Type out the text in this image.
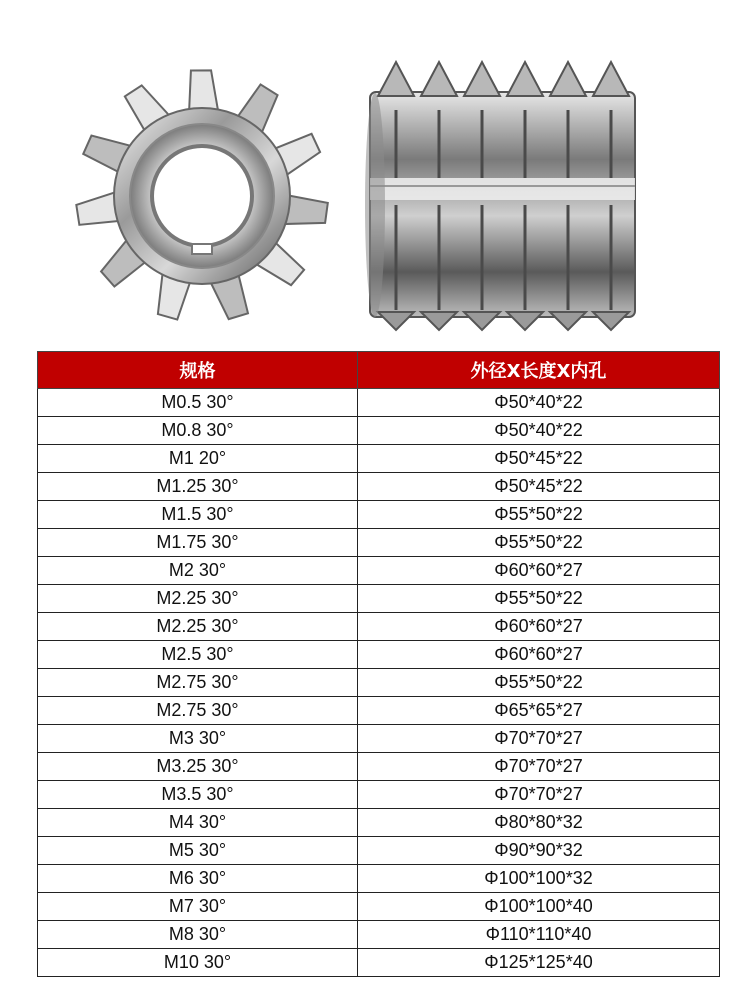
规格	外径X长度X内孔
M0.5 30°	Φ50*40*22
M0.8 30°	Φ50*40*22
M1 20°	Φ50*45*22
M1.25 30°	Φ50*45*22
M1.5 30°	Φ55*50*22
M1.75 30°	Φ55*50*22
M2 30°	Φ60*60*27
M2.25 30°	Φ55*50*22
M2.25 30°	Φ60*60*27
M2.5 30°	Φ60*60*27
M2.75 30°	Φ55*50*22
M2.75 30°	Φ65*65*27
M3 30°	Φ70*70*27
M3.25 30°	Φ70*70*27
M3.5 30°	Φ70*70*27
M4 30°	Φ80*80*32
M5 30°	Φ90*90*32
M6 30°	Φ100*100*32
M7 30°	Φ100*100*40
M8 30°	Φ110*110*40
M10 30°	Φ125*125*40
